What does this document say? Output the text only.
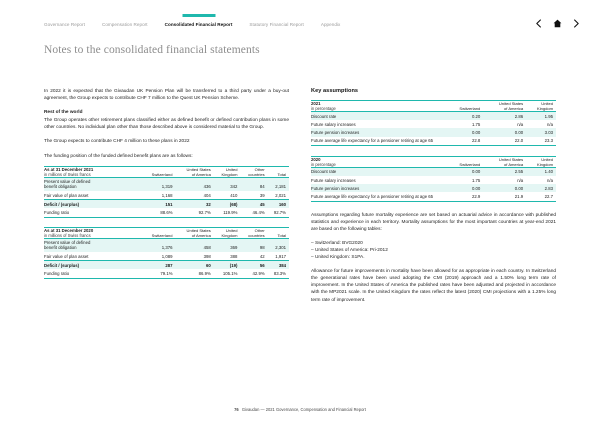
Governance Report	Compensation Report	Consolidated Financial Report	Statutory Financial Report	Appendix
Notes to the consolidated financial statements

In 2022 it is expected that the Givaudan UK Pension Plan will be transferred to a third party under a buy-out agreement, the Group expects to contribute CHF 7 million to the Quest UK Pension Scheme.

Rest of the world

The Group operates other retirement plans classified either as defined benefit or defined contribution plans in some other countries. No individual plan other than those described above is considered material to the Group.

The Group expects to contribute CHF 4 million to these plans in 2022

The funding position of the funded defined benefit plans are as follows:

As at 31 December 2021
in millions of Swiss francs	Switzerland	United States
of America	United
Kingdom	Other
countries	Total

Present value of defined
benefit obligation	1,319	436	342	84	2,181
Fair value of plan asset	1,168	404	410	39	2,021
Deficit / (surplus)	151	32	(68)	45	160
Funding ratio	88.6%	92.7%	119.9%	46.4%	92.7%
As at 31 December 2020
in millions of Swiss francs	Switzerland	United States
of America	United
Kingdom	Other
countries	Total

Present value of defined
benefit obligation	1,376	458	369	98	2,301
Fair value of plan asset	1,089	398	388	42	1,917
Deficit / (surplus)	287	60	(19)	56	384
Funding ratio	79.1%	86.9%	105.1%	42.9%	83.3%
Key assumptions
2021
in percentage	Switzerland	United States
of America	United
Kingdom

Discount rate	0.20	2.86	1.95
Future salary increases	1.75	n/a	n/a
Future pension increases	0.00	0.00	3.03
Future average life expectancy for a pensioner retiring at age 65	22.8	22.0	23.3
2020
in percentage	Switzerland	United States
of America	United
Kingdom

Discount rate	0.00	2.55	1.40
Future salary increases	1.75	n/a	n/a
Future pension increases	0.00	0.00	2.83
Future average life expectancy for a pensioner retiring at age 65	22.9	21.9	22.7

Assumptions regarding future mortality experience are set based on actuarial advice in accordance with published statistics and experience in each territory. Mortality assumptions for the most important countries at year-end 2021 are based on the following tables:

– Switzerland: BVG2020

– United States of America: Pri-2012

– United Kingdom: S1PA.

Allowance for future improvements in mortality have been allowed for as appropriate in each country. In Switzerland the generational rates have been used adopting the CMI (2019) approach and a 1.50% long term rate of improvement. In the United States of America the published rates have been adjusted and projected in accordance with the MP2021 scale. In the United Kingdom the rates reflect the latest (2020) CMI projections with a 1.25% long term rate of improvement.

76 Givaudan — 2021 Governance, Compensation and Financial Report
